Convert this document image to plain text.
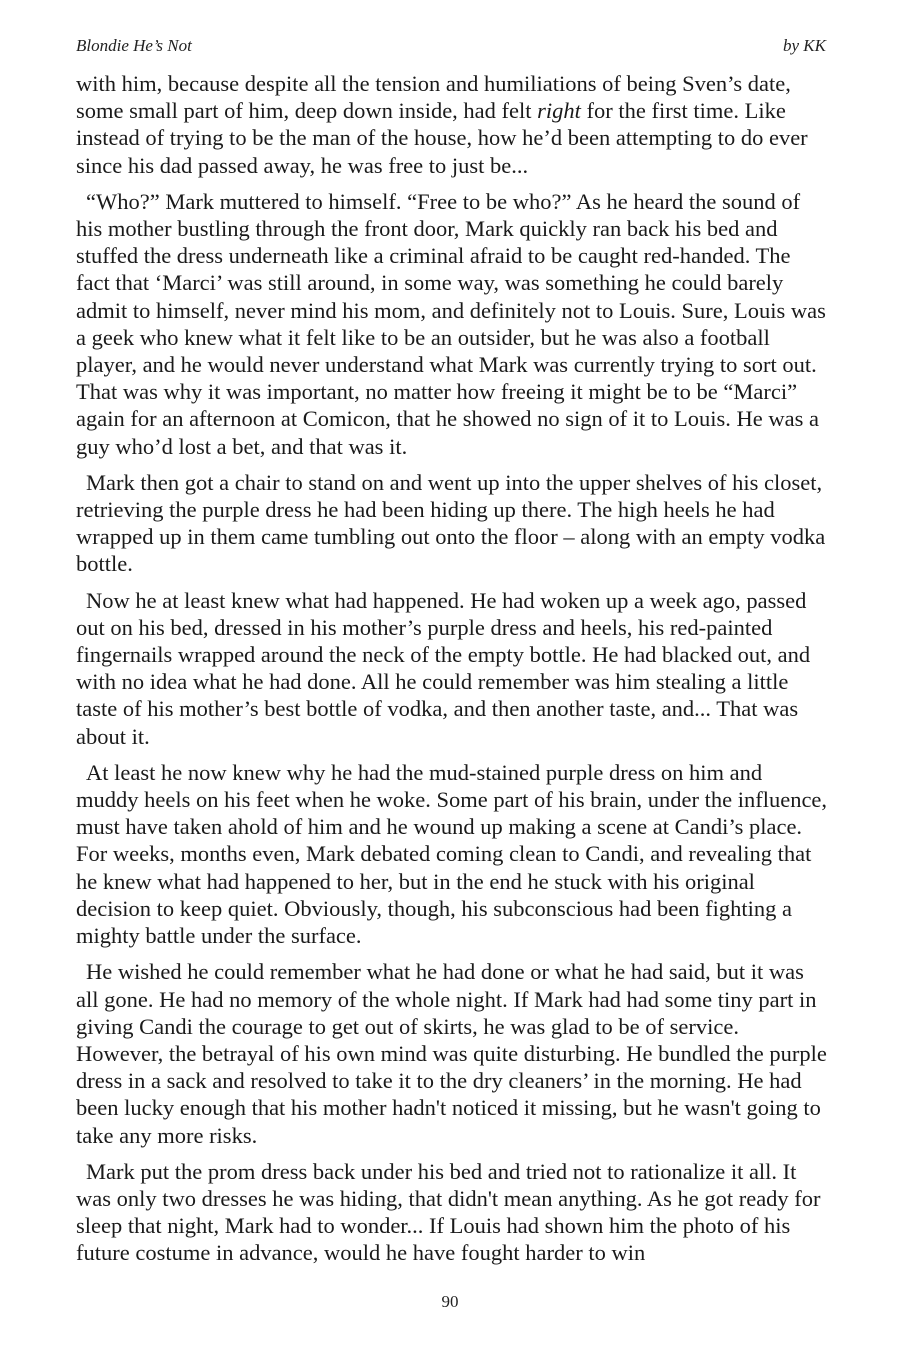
Blondie He’s Not	by KK

with him, because despite all the tension and humiliations of being Sven’s date, some small part of him, deep down inside, had felt right for the first time. Like instead of trying to be the man of the house, how he’d been attempting to do ever since his dad passed away, he was free to just be...

“Who?” Mark muttered to himself. “Free to be who?” As he heard the sound of his mother bustling through the front door, Mark quickly ran back his bed and stuffed the dress underneath like a criminal afraid to be caught red-handed. The fact that ‘Marci’ was still around, in some way, was something he could barely admit to himself, never mind his mom, and definitely not to Louis. Sure, Louis was a geek who knew what it felt like to be an outsider, but he was also a football player, and he would never understand what Mark was currently trying to sort out. That was why it was important, no matter how freeing it might be to be “Marci” again for an afternoon at Comicon, that he showed no sign of it to Louis. He was a guy who’d lost a bet, and that was it.

Mark then got a chair to stand on and went up into the upper shelves of his closet, retrieving the purple dress he had been hiding up there. The high heels he had wrapped up in them came tumbling out onto the floor – along with an empty vodka bottle.

Now he at least knew what had happened. He had woken up a week ago, passed out on his bed, dressed in his mother’s purple dress and heels, his red-painted fingernails wrapped around the neck of the empty bottle. He had blacked out, and with no idea what he had done. All he could remember was him stealing a little taste of his mother’s best bottle of vodka, and then another taste, and... That was about it.

At least he now knew why he had the mud-stained purple dress on him and muddy heels on his feet when he woke. Some part of his brain, under the influence, must have taken ahold of him and he wound up making a scene at Candi’s place. For weeks, months even, Mark debated coming clean to Candi, and revealing that he knew what had happened to her, but in the end he stuck with his original decision to keep quiet. Obviously, though, his subconscious had been fighting a mighty battle under the surface.

He wished he could remember what he had done or what he had said, but it was all gone. He had no memory of the whole night. If Mark had had some tiny part in giving Candi the courage to get out of skirts, he was glad to be of service. However, the betrayal of his own mind was quite disturbing. He bundled the purple dress in a sack and resolved to take it to the dry cleaners’ in the morning. He had been lucky enough that his mother hadn't noticed it missing, but he wasn't going to take any more risks.

Mark put the prom dress back under his bed and tried not to rationalize it all. It was only two dresses he was hiding, that didn't mean anything. As he got ready for sleep that night, Mark had to wonder... If Louis had shown him the photo of his future costume in advance, would he have fought harder to win

90
